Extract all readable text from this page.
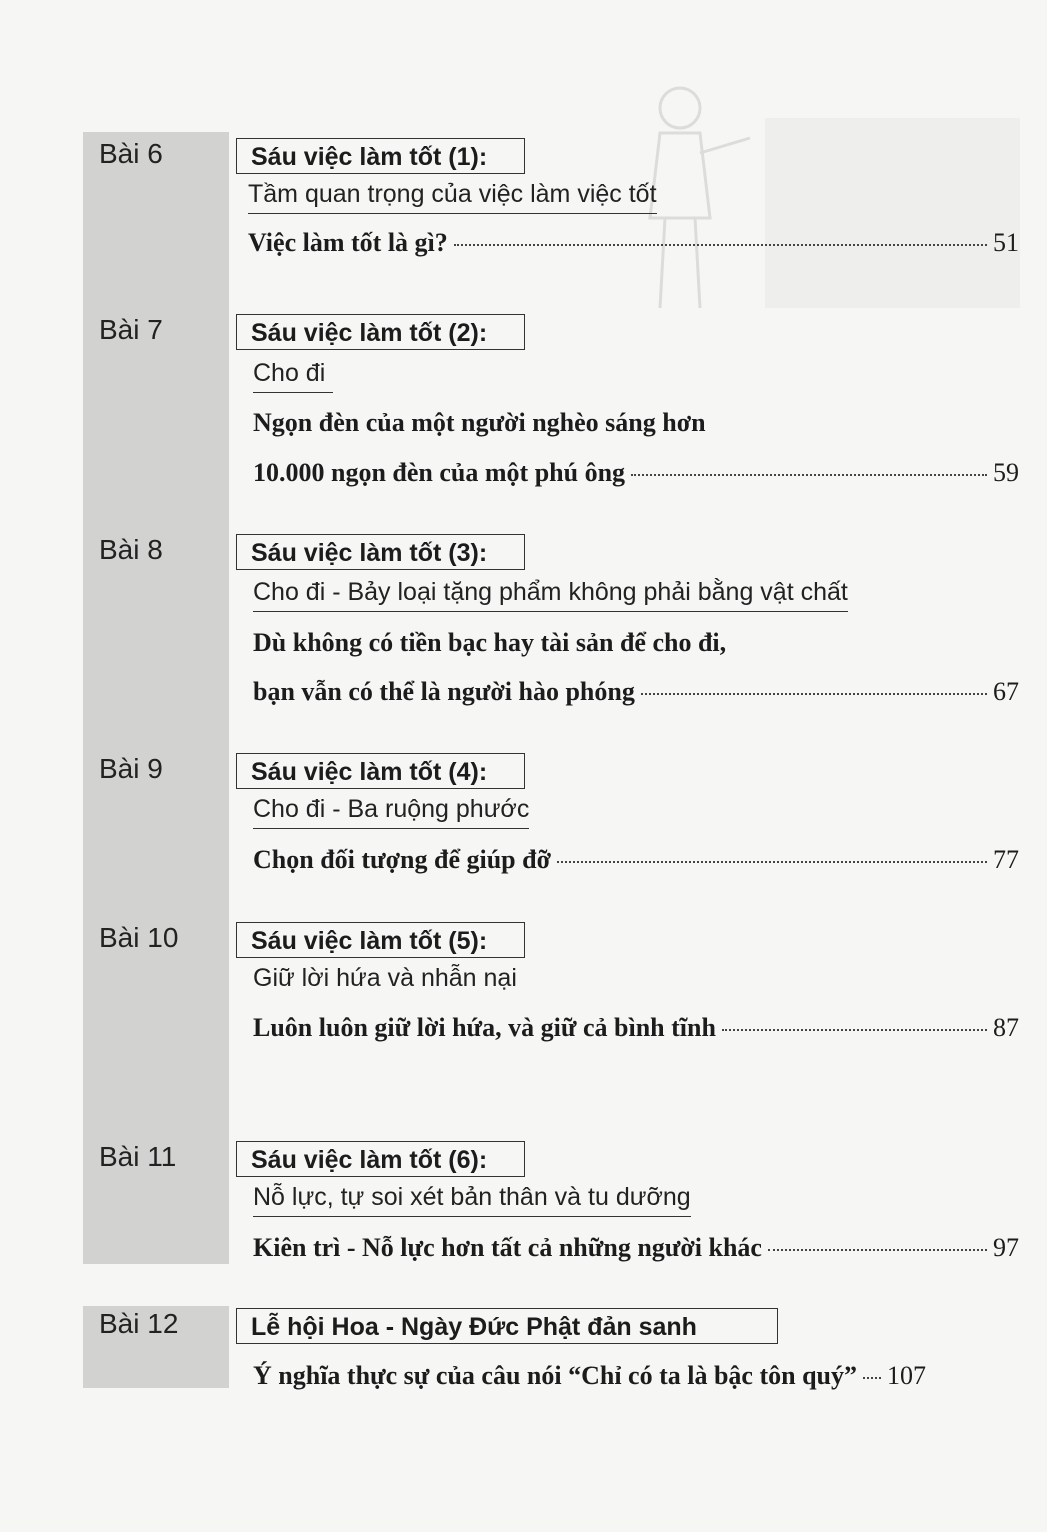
Bài 6	Sáu việc làm tốt (1):
Tầm quan trọng của việc làm việc tốt
Việc làm tốt là gì?	51
Bài 7	Sáu việc làm tốt (2):
Cho đi
Ngọn đèn của một người nghèo sáng hơn
10.000 ngọn đèn của một phú ông	59
Bài 8	Sáu việc làm tốt (3):
Cho đi - Bảy loại tặng phẩm không phải bằng vật chất
Dù không có tiền bạc hay tài sản để cho đi,
bạn vẫn có thể là người hào phóng	67
Bài 9	Sáu việc làm tốt (4):
Cho đi - Ba ruộng phước
Chọn đối tượng để giúp đỡ	77
Bài 10	Sáu việc làm tốt (5):
Giữ lời hứa và nhẫn nại
Luôn luôn giữ lời hứa, và giữ cả bình tĩnh	87
Bài 11	Sáu việc làm tốt (6):
Nỗ lực, tự soi xét bản thân và tu dưỡng
Kiên trì - Nỗ lực hơn tất cả những người khác	97
Bài 12	Lễ hội Hoa - Ngày Đức Phật đản sanh
Ý nghĩa thực sự của câu nói “Chỉ có ta là bậc tôn quý” 107
